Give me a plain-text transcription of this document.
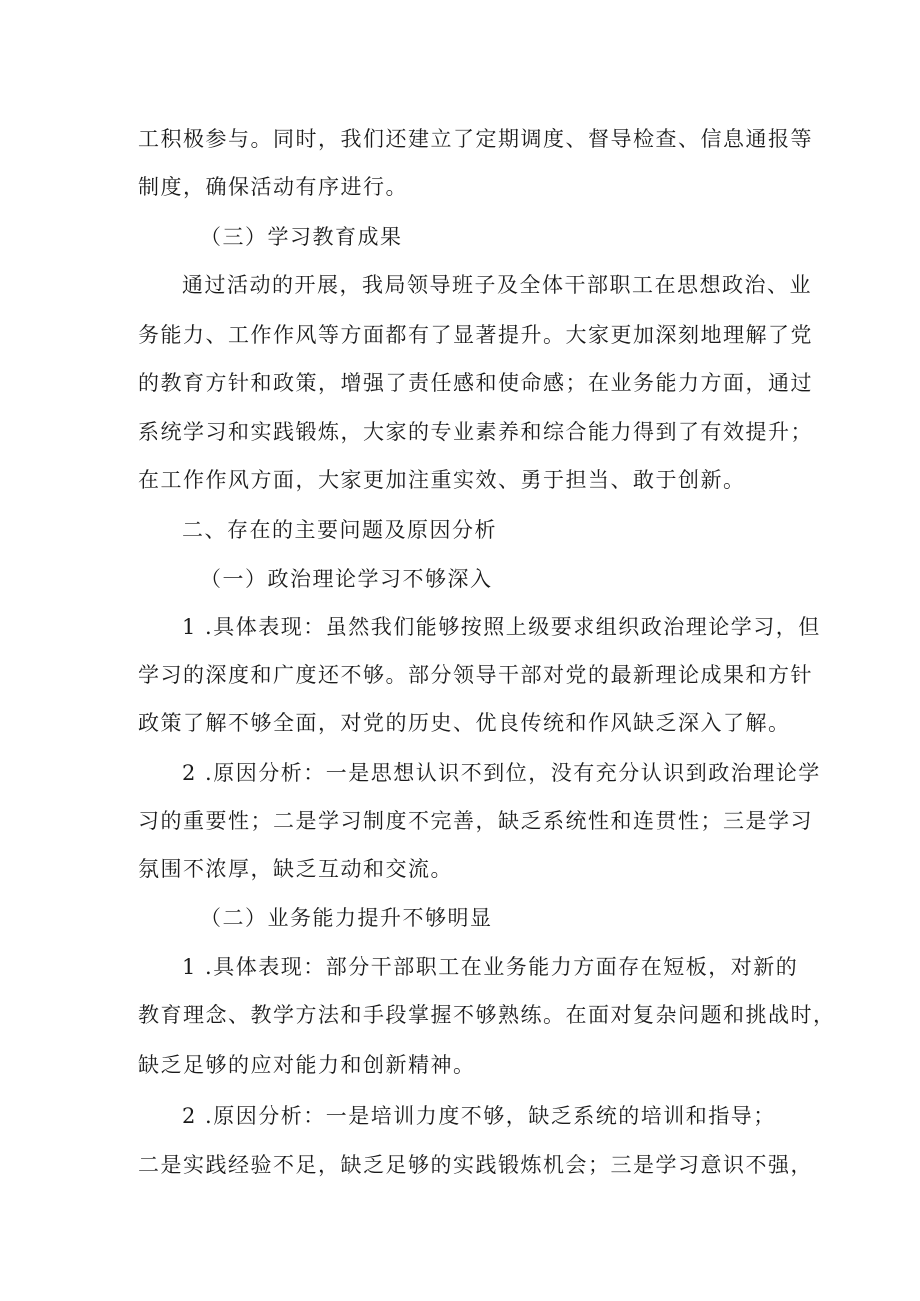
工积极参与。同时，我们还建立了定期调度、督导检查、信息通报等
制度，确保活动有序进行。
（三）学习教育成果
通过活动的开展，我局领导班子及全体干部职工在思想政治、业
务能力、工作作风等方面都有了显著提升。大家更加深刻地理解了党
的教育方针和政策，增强了责任感和使命感；在业务能力方面，通过
系统学习和实践锻炼，大家的专业素养和综合能力得到了有效提升；
在工作作风方面，大家更加注重实效、勇于担当、敢于创新。
二、存在的主要问题及原因分析
（一）政治理论学习不够深入
1 .具体表现：虽然我们能够按照上级要求组织政治理论学习，但
学习的深度和广度还不够。部分领导干部对党的最新理论成果和方针
政策了解不够全面，对党的历史、优良传统和作风缺乏深入了解。
2 .原因分析：一是思想认识不到位，没有充分认识到政治理论学
习的重要性；二是学习制度不完善，缺乏系统性和连贯性；三是学习
氛围不浓厚，缺乏互动和交流。
（二）业务能力提升不够明显
1 .具体表现：部分干部职工在业务能力方面存在短板，对新的
教育理念、教学方法和手段掌握不够熟练。在面对复杂问题和挑战时，
缺乏足够的应对能力和创新精神。
2 .原因分析：一是培训力度不够，缺乏系统的培训和指导；
二是实践经验不足，缺乏足够的实践锻炼机会；三是学习意识不强，
